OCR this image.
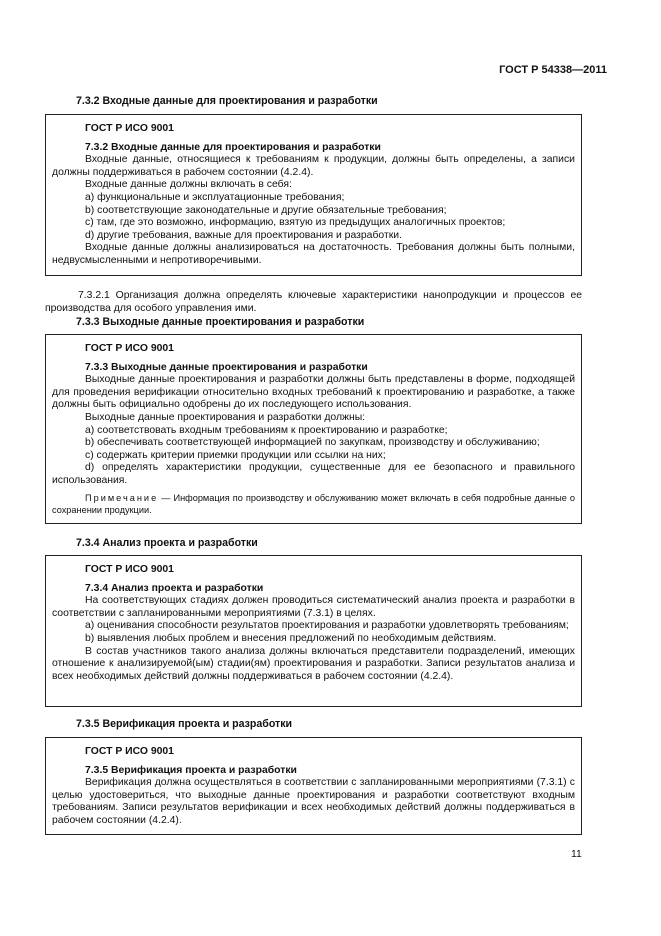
ГОСТ Р 54338—2011
7.3.2 Входные данные для проектирования и разработки
ГОСТ Р ИСО 9001
7.3.2 Входные данные для проектирования и разработки
Входные данные, относящиеся к требованиям к продукции, должны быть определены, а записи должны поддерживаться в рабочем состоянии (4.2.4).
Входные данные должны включать в себя:
a) функциональные и эксплуатационные требования;
b) соответствующие законодательные и другие обязательные требования;
c) там, где это возможно, информацию, взятую из предыдущих аналогичных проектов;
d) другие требования, важные для проектирования и разработки.
Входные данные должны анализироваться на достаточность. Требования должны быть полными, недвусмысленными и непротиворечивыми.
7.3.2.1 Организация должна определять ключевые характеристики нанопродукции и процессов ее производства для особого управления ими.
7.3.3 Выходные данные проектирования и разработки
ГОСТ Р ИСО 9001
7.3.3 Выходные данные проектирования и разработки
Выходные данные проектирования и разработки должны быть представлены в форме, подходящей для проведения верификации относительно входных требований к проектированию и разработке, а также должны быть официально одобрены до их последующего использования.
Выходные данные проектирования и разработки должны:
a) соответствовать входным требованиям к проектированию и разработке;
b) обеспечивать соответствующей информацией по закупкам, производству и обслуживанию;
c) содержать критерии приемки продукции или ссылки на них;
d) определять характеристики продукции, существенные для ее безопасного и правильного использования.
Примечание — Информация по производству и обслуживанию может включать в себя подробные данные о сохранении продукции.
7.3.4 Анализ проекта и разработки
ГОСТ Р ИСО 9001
7.3.4 Анализ проекта и разработки
На соответствующих стадиях должен проводиться систематический анализ проекта и разработки в соответствии с запланированными мероприятиями (7.3.1) в целях.
a) оценивания способности результатов проектирования и разработки удовлетворять требованиям;
b) выявления любых проблем и внесения предложений по необходимым действиям.
В состав участников такого анализа должны включаться представители подразделений, имеющих отношение к анализируемой(ым) стадии(ям) проектирования и разработки. Записи результатов анализа и всех необходимых действий должны поддерживаться в рабочем состоянии (4.2.4).
7.3.5 Верификация проекта и разработки
ГОСТ Р ИСО 9001
7.3.5 Верификация проекта и разработки
Верификация должна осуществляться в соответствии с запланированными мероприятиями (7.3.1) с целью удостовериться, что выходные данные проектирования и разработки соответствуют входным требованиям. Записи результатов верификации и всех необходимых действий должны поддерживаться в рабочем состоянии (4.2.4).
11
